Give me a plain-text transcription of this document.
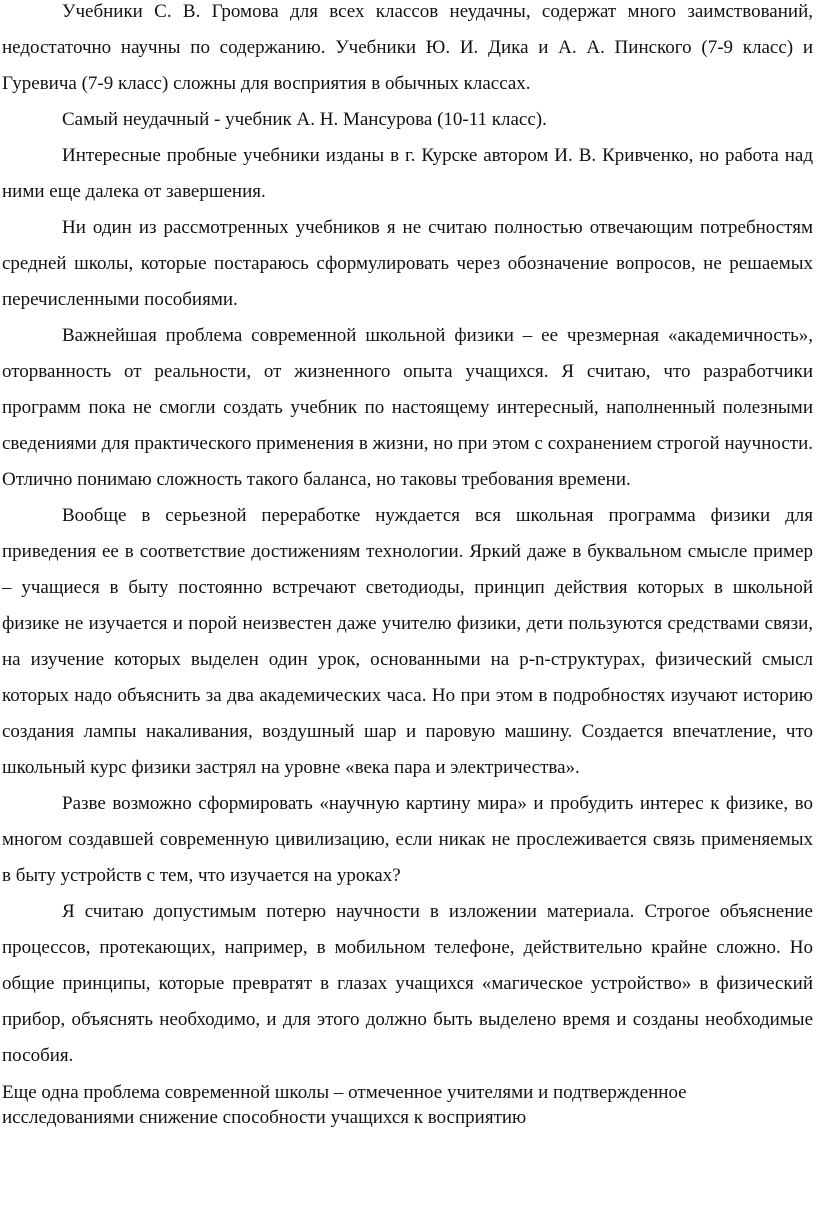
Учебники С. В. Громова для всех классов неудачны, содержат много заимствований, недостаточно научны по содержанию. Учебники Ю. И. Дика и А. А. Пинского (7-9 класс) и Гуревича (7-9 класс) сложны для восприятия в обычных классах.

Самый неудачный - учебник А. Н. Мансурова (10-11 класс).

Интересные пробные учебники изданы в г. Курске автором И. В. Кривченко, но работа над ними еще далека от завершения.

Ни один из рассмотренных учебников я не считаю полностью отвечающим потребностям средней школы, которые постараюсь сформулировать через обозначение вопросов, не решаемых перечисленными пособиями.

Важнейшая проблема современной школьной физики – ее чрезмерная «академичность», оторванность от реальности, от жизненного опыта учащихся. Я считаю, что разработчики программ пока не смогли создать учебник по настоящему интересный, наполненный полезными сведениями для практического применения в жизни, но при этом с сохранением строгой научности. Отлично понимаю сложность такого баланса, но таковы требования времени.

Вообще в серьезной переработке нуждается вся школьная программа физики для приведения ее в соответствие достижениям технологии. Яркий даже в буквальном смысле пример – учащиеся в быту постоянно встречают светодиоды, принцип действия которых в школьной физике не изучается и порой неизвестен даже учителю физики, дети пользуются средствами связи, на изучение которых выделен один урок, основанными на p-n-структурах, физический смысл которых надо объяснить за два академических часа. Но при этом в подробностях изучают историю создания лампы накаливания, воздушный шар и паровую машину. Создается впечатление, что школьный курс физики застрял на уровне «века пара и электричества».

Разве возможно сформировать «научную картину мира» и пробудить интерес к физике, во многом создавшей современную цивилизацию, если никак не прослеживается связь применяемых в быту устройств с тем, что изучается на уроках?

Я считаю допустимым потерю научности в изложении материала. Строгое объяснение процессов, протекающих, например, в мобильном телефоне, действительно крайне сложно. Но общие принципы, которые превратят в глазах учащихся «магическое устройство» в физический прибор, объяснять необходимо, и для этого должно быть выделено время и созданы необходимые пособия.

Еще одна проблема современной школы – отмеченное учителями и подтвержденное исследованиями снижение способности учащихся к восприятию
